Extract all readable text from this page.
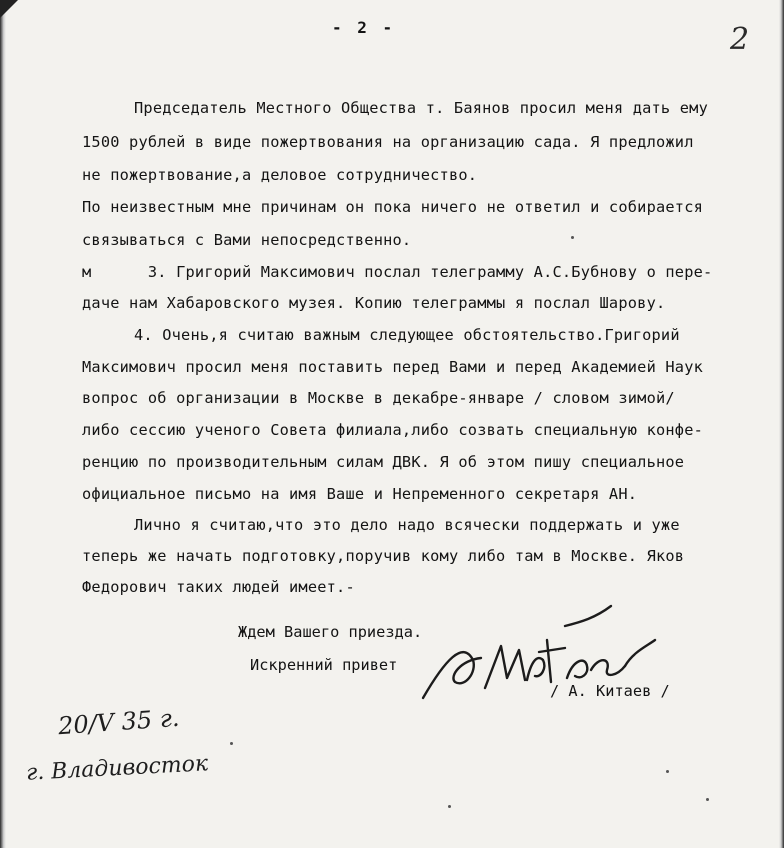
- 2 -	2
Председатель Местного Общества т. Баянов просил меня дать ему
1500 рублей в виде пожертвования на организацию сада. Я предложил
не пожертвование,а деловое сотрудничество.
По неизвестным мне причинам он пока ничего не ответил и собирается
связываться с Вами непосредственно.
м      3. Григорий Максимович послал телеграмму А.С.Бубнову о пере-
даче нам Хабаровского музея. Копию телеграммы я послал Шарову.
4. Очень,я считаю важным следующее обстоятельство.Григорий
Максимович просил меня поставить перед Вами и перед Академией Наук
вопрос об организации в Москве в декабре-январе / словом зимой/
либо сессию ученого Совета филиала,либо созвать специальную конфе-
ренцию по производительным силам ДВК. Я об этом пишу специальное
официальное письмо на имя Ваше и Непременного секретаря АН.
Лично я считаю,что это дело надо всячески поддержать и уже
теперь же начать подготовку,поручив кому либо там в Москве. Яков
Федорович таких людей имеет.-
Ждем Вашего приезда.
Искренний привет
/ А. Китаев /
20/V 35 г.
г. Владивосток
